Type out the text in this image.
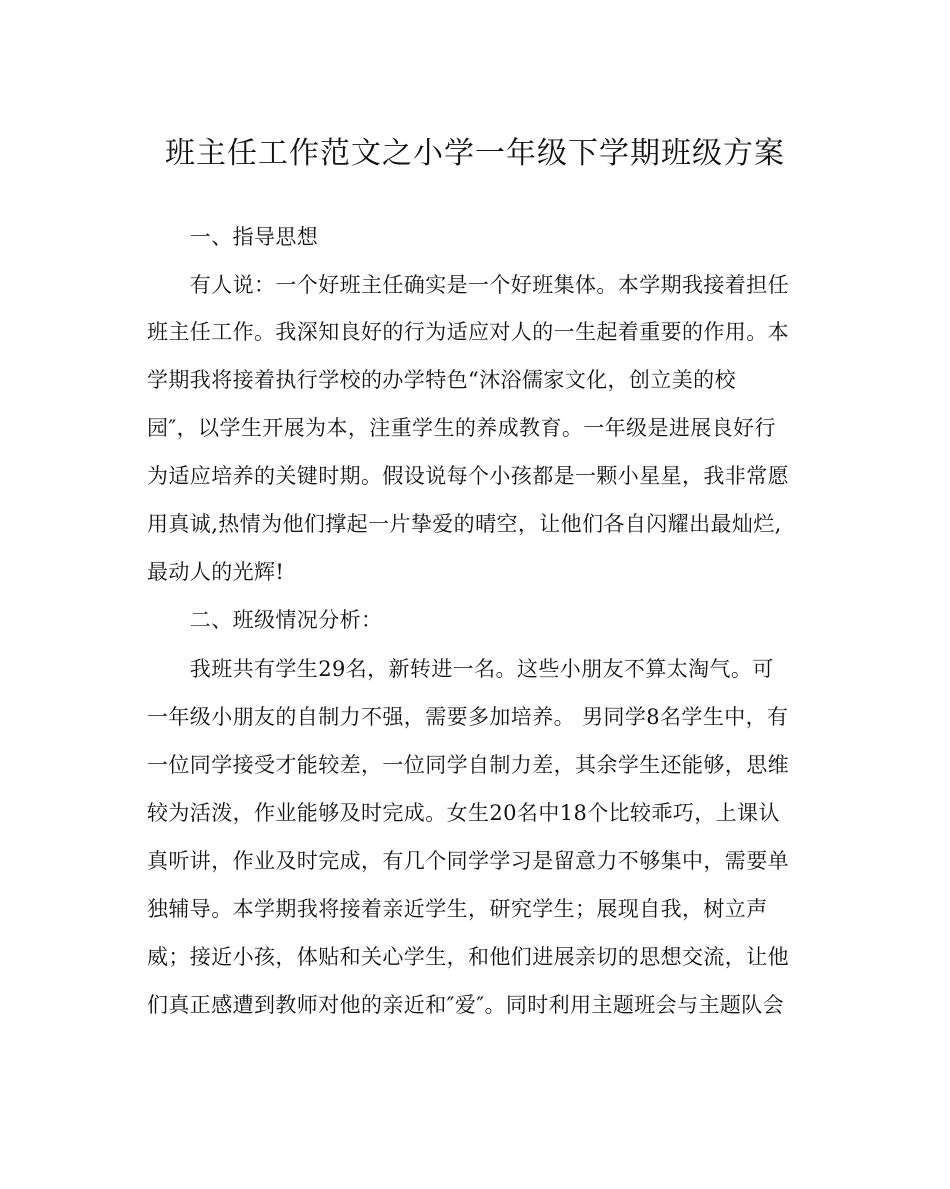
班主任工作范文之小学一年级下学期班级方案
　　一、指导思想
　　有人说：一个好班主任确实是一个好班集体。本学期我接着担任
班主任工作。我深知良好的行为适应对人的一生起着重要的作用。本
学期我将接着执行学校的办学特色“沐浴儒家文化，创立美的校
园″，以学生开展为本，注重学生的养成教育。一年级是进展良好行
为适应培养的关键时期。假设说每个小孩都是一颗小星星，我非常愿
用真诚,热情为他们撑起一片挚爱的晴空，让他们各自闪耀出最灿烂,
最动人的光辉!
　　二、班级情况分析：
　　我班共有学生29名，新转进一名。这些小朋友不算太淘气。可
一年级小朋友的自制力不强，需要多加培养。 男同学8名学生中，有
一位同学接受才能较差，一位同学自制力差，其余学生还能够，思维
较为活泼，作业能够及时完成。女生20名中18个比较乖巧，上课认
真听讲，作业及时完成，有几个同学学习是留意力不够集中，需要单
独辅导。本学期我将接着亲近学生，研究学生；展现自我，树立声
威；接近小孩，体贴和关心学生，和他们进展亲切的思想交流，让他
们真正感遭到教师对他的亲近和″爱″。同时利用主题班会与主题队会
